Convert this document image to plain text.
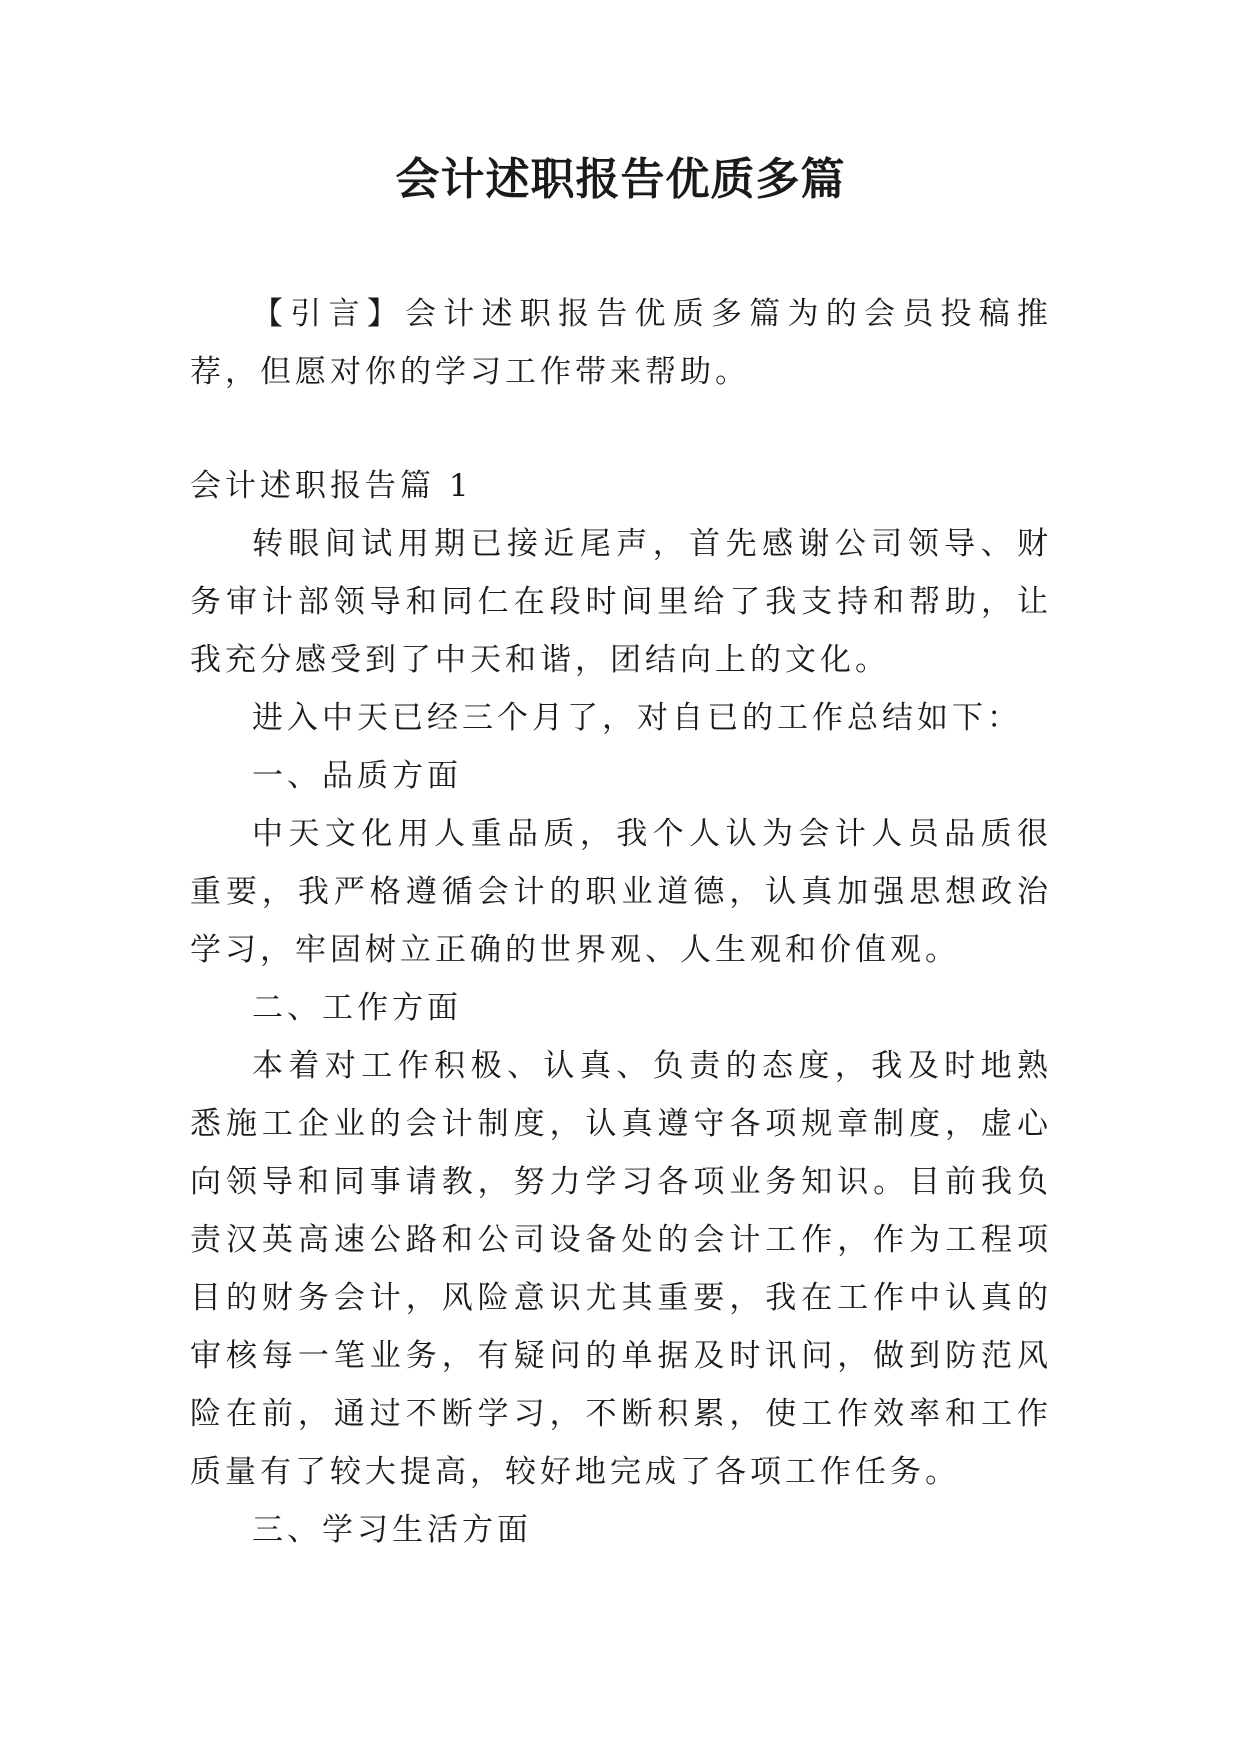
会计述职报告优质多篇

【引言】会计述职报告优质多篇为的会员投稿推荐，但愿对你的学习工作带来帮助。

会计述职报告篇 1

转眼间试用期已接近尾声，首先感谢公司领导、财务审计部领导和同仁在段时间里给了我支持和帮助，让我充分感受到了中天和谐，团结向上的文化。

进入中天已经三个月了，对自已的工作总结如下：

一、品质方面

中天文化用人重品质，我个人认为会计人员品质很重要，我严格遵循会计的职业道德，认真加强思想政治学习，牢固树立正确的世界观、人生观和价值观。

二、工作方面

本着对工作积极、认真、负责的态度，我及时地熟悉施工企业的会计制度，认真遵守各项规章制度，虚心向领导和同事请教，努力学习各项业务知识。目前我负责汉英高速公路和公司设备处的会计工作，作为工程项目的财务会计，风险意识尤其重要，我在工作中认真的审核每一笔业务，有疑问的单据及时讯问，做到防范风险在前，通过不断学习，不断积累，使工作效率和工作质量有了较大提高，较好地完成了各项工作任务。

三、学习生活方面
